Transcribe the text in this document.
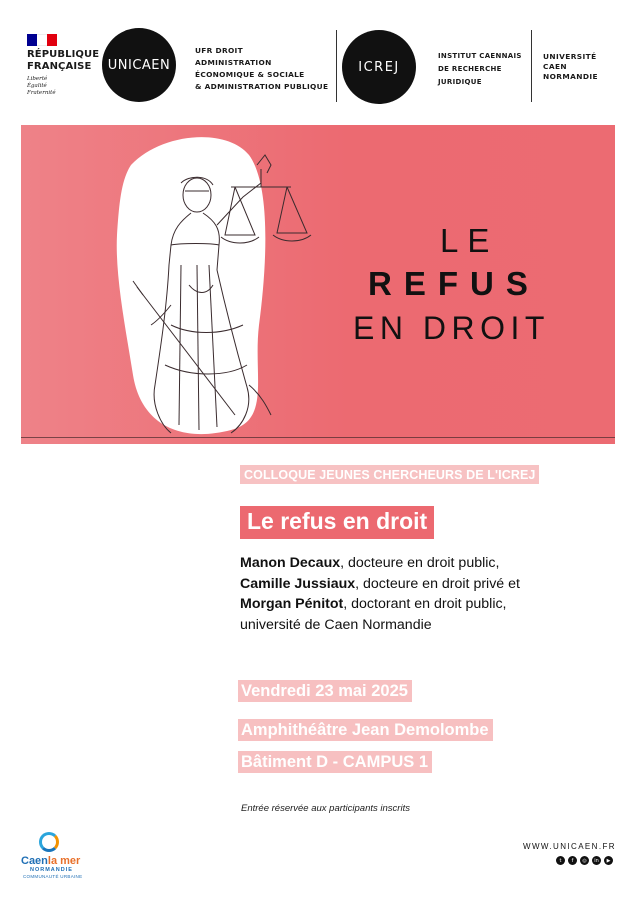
RÉPUBLIQUE
FRANÇAISE
Liberté
Égalité
Fraternité
UNICAEN
UFR DROIT
ADMINISTRATION
ÉCONOMIQUE & SOCIALE
& ADMINISTRATION PUBLIQUE
ICREJ
INSTITUT CAENNAIS
DE RECHERCHE
JURIDIQUE
UNIVERSITÉ
CAEN
NORMANDIE
LE
REFUS
EN DROIT
COLLOQUE JEUNES CHERCHEURS DE L'ICREJ
Le refus en droit
Manon Decaux, docteure en droit public,
Camille Jussiaux, docteure en droit privé et
Morgan Pénitot, doctorant en droit public,
université de Caen Normandie
Vendredi 23 mai 2025
Amphithéâtre Jean Demolombe
Bâtiment D - CAMPUS 1
Entrée réservée aux participants inscrits
Caenla mer
NORMANDIE
COMMUNAUTÉ URBAINE
WWW.UNICAEN.FR
t	f	◎	in	▶
